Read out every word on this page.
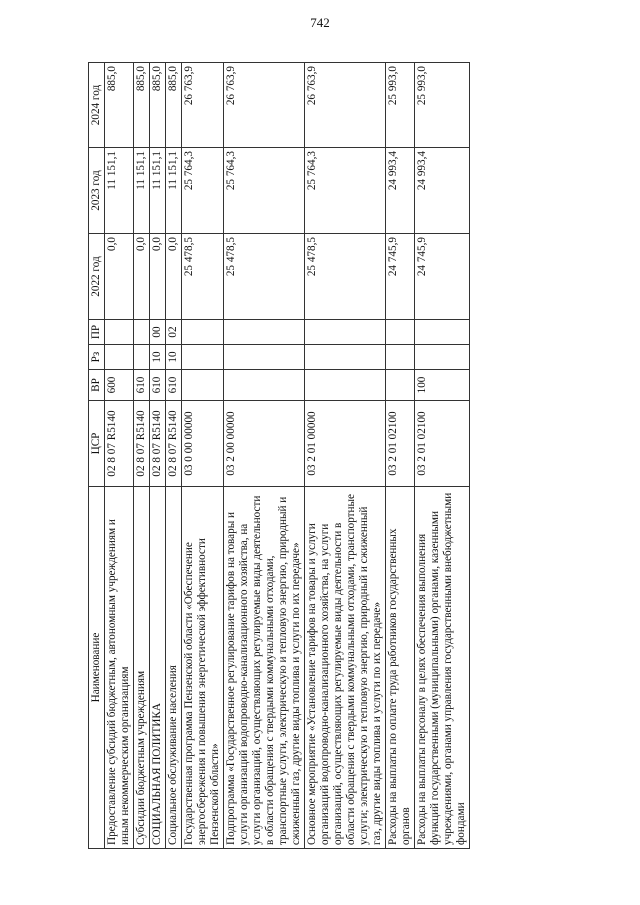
742
Наименование	ЦСР	ВР	Рз	ПР	2022 год	2023 год	2024 год
Предоставление субсидий бюджетным, автономным учреждениям и иным некоммерческим организациям	02 8 07 R5140	600			0,0	11 151,1	885,0
Субсидии бюджетным учреждениям	02 8 07 R5140	610			0,0	11 151,1	885,0
СОЦИАЛЬНАЯ ПОЛИТИКА	02 8 07 R5140	610	10	00	0,0	11 151,1	885,0
Социальное обслуживание населения	02 8 07 R5140	610	10	02	0,0	11 151,1	885,0
Государственная программа Пензенской области «Обеспечение энергосбережения и повышения энергетической эффективности Пензенской области»	03 0 00 00000				25 478,5	25 764,3	26 763,9
Подпрограмма «Государственное регулирование тарифов на товары и услуги организаций водопроводно-канализационного хозяйства, на услуги организаций, осуществляющих регулируемые виды деятельности в области обращения с твердыми коммунальными отходами, транспортные услуги, электрическую и тепловую энергию, природный и сжиженный газ, другие виды топлива и услуги по их передаче»	03 2 00 00000				25 478,5	25 764,3	26 763,9
Основное мероприятие «Установление тарифов на товары и услуги организаций водопроводно-канализационного хозяйства, на услуги организаций, осуществляющих регулируемые виды деятельности в области обращения с твердыми коммунальными отходами, транспортные услуги; электрическую и тепловую энергию, природный и сжиженный газ, другие виды топлива и услуги по их передаче»	03 2 01 00000				25 478,5	25 764,3	26 763,9
Расходы на выплаты по оплате труда работников государственных органов	03 2 01 02100				24 745,9	24 993,4	25 993,0
Расходы на выплаты персоналу в целях обеспечения выполнения функций государственными (муниципальными) органами, казенными учреждениями, органами управления государственными внебюджетными фондами	03 2 01 02100	100			24 745,9	24 993,4	25 993,0
